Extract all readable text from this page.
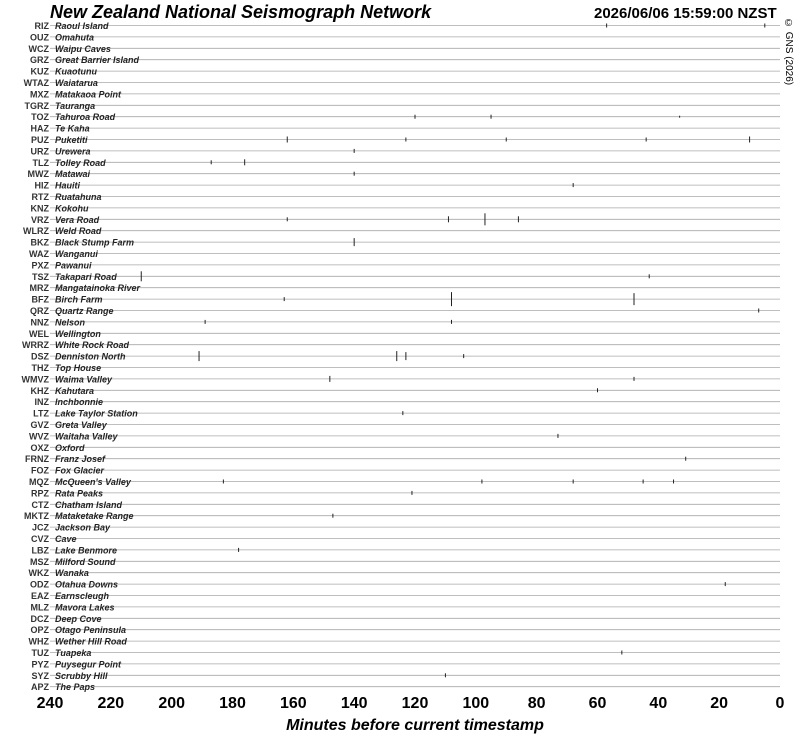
New Zealand National Seismograph Network	2026/06/06 15:59:00 NZST
© GNS (2026)
RIZ Raoul Island
OUZ Omahuta
WCZ Waipu Caves
GRZ Great Barrier Island
KUZ Kuaotunu
WTAZ Waiatarua
MXZ Matakaoa Point
TGRZ Tauranga
TOZ Tahuroa Road
HAZ Te Kaha
PUZ Puketiti
URZ Urewera
TLZ Tolley Road
MWZ Matawai
HIZ Hauiti
RTZ Ruatahuna
KNZ Kokohu
VRZ Vera Road
WLRZ Weld Road
BKZ Black Stump Farm
WAZ Wanganui
PXZ Pawanui
TSZ Takapari Road
MRZ Mangatainoka River
BFZ Birch Farm
QRZ Quartz Range
NNZ Nelson
WEL Wellington
WRRZ White Rock Road
DSZ Denniston North
THZ Top House
WMVZ Waima Valley
KHZ Kahutara
INZ Inchbonnie
LTZ Lake Taylor Station
GVZ Greta Valley
WVZ Waitaha Valley
OXZ Oxford
FRNZ Franz Josef
FOZ Fox Glacier
MQZ McQueen's Valley
RPZ Rata Peaks
CTZ Chatham Island
MKTZ Mataketake Range
JCZ Jackson Bay
CVZ Cave
LBZ Lake Benmore
MSZ Milford Sound
WKZ Wanaka
ODZ Otahua Downs
EAZ Earnscleugh
MLZ Mavora Lakes
DCZ Deep Cove
OPZ Otago Peninsula
WHZ Wether Hill Road
TUZ Tuapeka
PYZ Puysegur Point
SYZ Scrubby Hill
APZ The Paps
240 220 200 180 160 140 120 100 80	60	40	20	0
Minutes before current timestamp
